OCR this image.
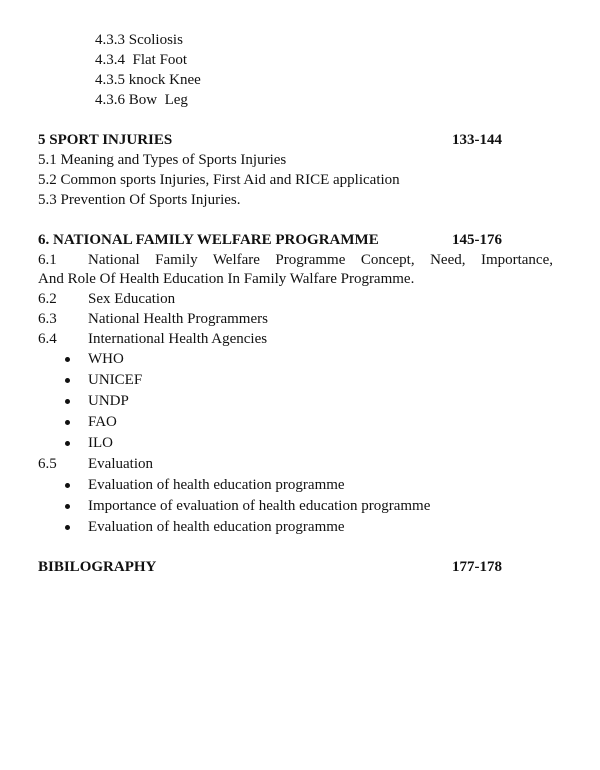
4.3.3 Scoliosis
4.3.4  Flat Foot
4.3.5 knock Knee
4.3.6 Bow  Leg
5 SPORT INJURIES	133-144
5.1 Meaning and Types of Sports Injuries
5.2 Common sports Injuries, First Aid and RICE application
5.3 Prevention Of Sports Injuries.
6. NATIONAL FAMILY WELFARE PROGRAMME	145-176
6.1 National Family Welfare Programme Concept, Need, Importance,
And Role Of Health Education In Family Walfare Programme.
6.2 Sex Education
6.3 National Health Programmers
6.4 International Health Agencies
WHO
UNICEF
UNDP
FAO
ILO
6.5 Evaluation
Evaluation of health education programme
Importance of evaluation of health education programme
Evaluation of health education programme
BIBILOGRAPHY	177-178
